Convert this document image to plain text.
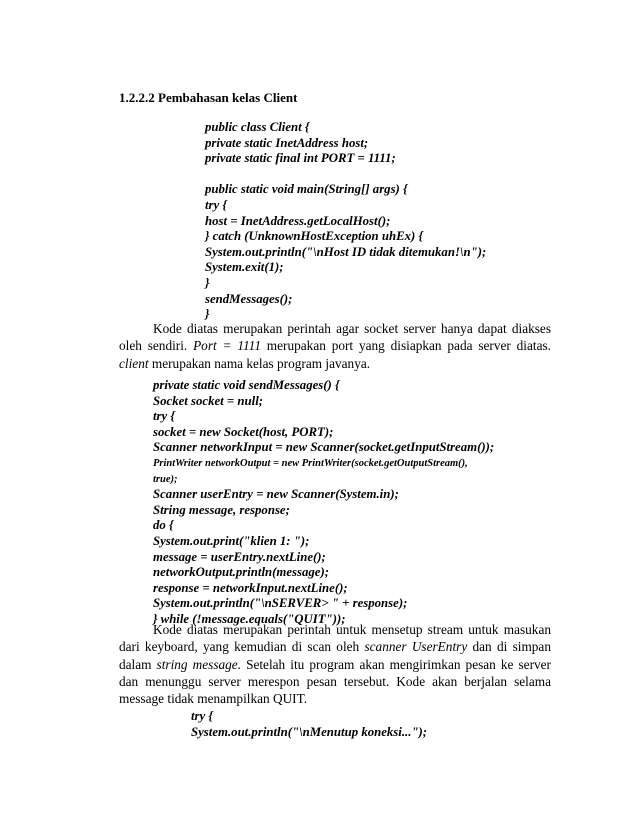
1.2.2.2 Pembahasan kelas Client
public class Client {
private static InetAddress host;
private static final int PORT = 1111;
public static void main(String[] args) {
try {
host = InetAddress.getLocalHost();
} catch (UnknownHostException uhEx) {
System.out.println("\nHost ID tidak ditemukan!\n");
System.exit(1);
}
sendMessages();
}

Kode diatas merupakan perintah agar socket server hanya dapat diakses oleh sendiri. Port = 1111 merupakan port yang disiapkan pada server diatas. client merupakan nama kelas program javanya.

private static void sendMessages() {
Socket socket = null;
try {
socket = new Socket(host, PORT);
Scanner networkInput = new Scanner(socket.getInputStream());
PrintWriter networkOutput = new PrintWriter(socket.getOutputStream(),
true);
Scanner userEntry = new Scanner(System.in);
String message, response;
do {
System.out.print("klien 1: ");
message = userEntry.nextLine();
networkOutput.println(message);
response = networkInput.nextLine();
System.out.println("\nSERVER> " + response);
} while (!message.equals("QUIT"));

Kode diatas merupakan perintah untuk mensetup stream untuk masukan dari keyboard, yang kemudian di scan oleh scanner UserEntry dan di simpan dalam string message. Setelah itu program akan mengirimkan pesan ke server dan menunggu server merespon pesan tersebut. Kode akan berjalan selama message tidak menampilkan QUIT.

try {
System.out.println("\nMenutup koneksi...");
